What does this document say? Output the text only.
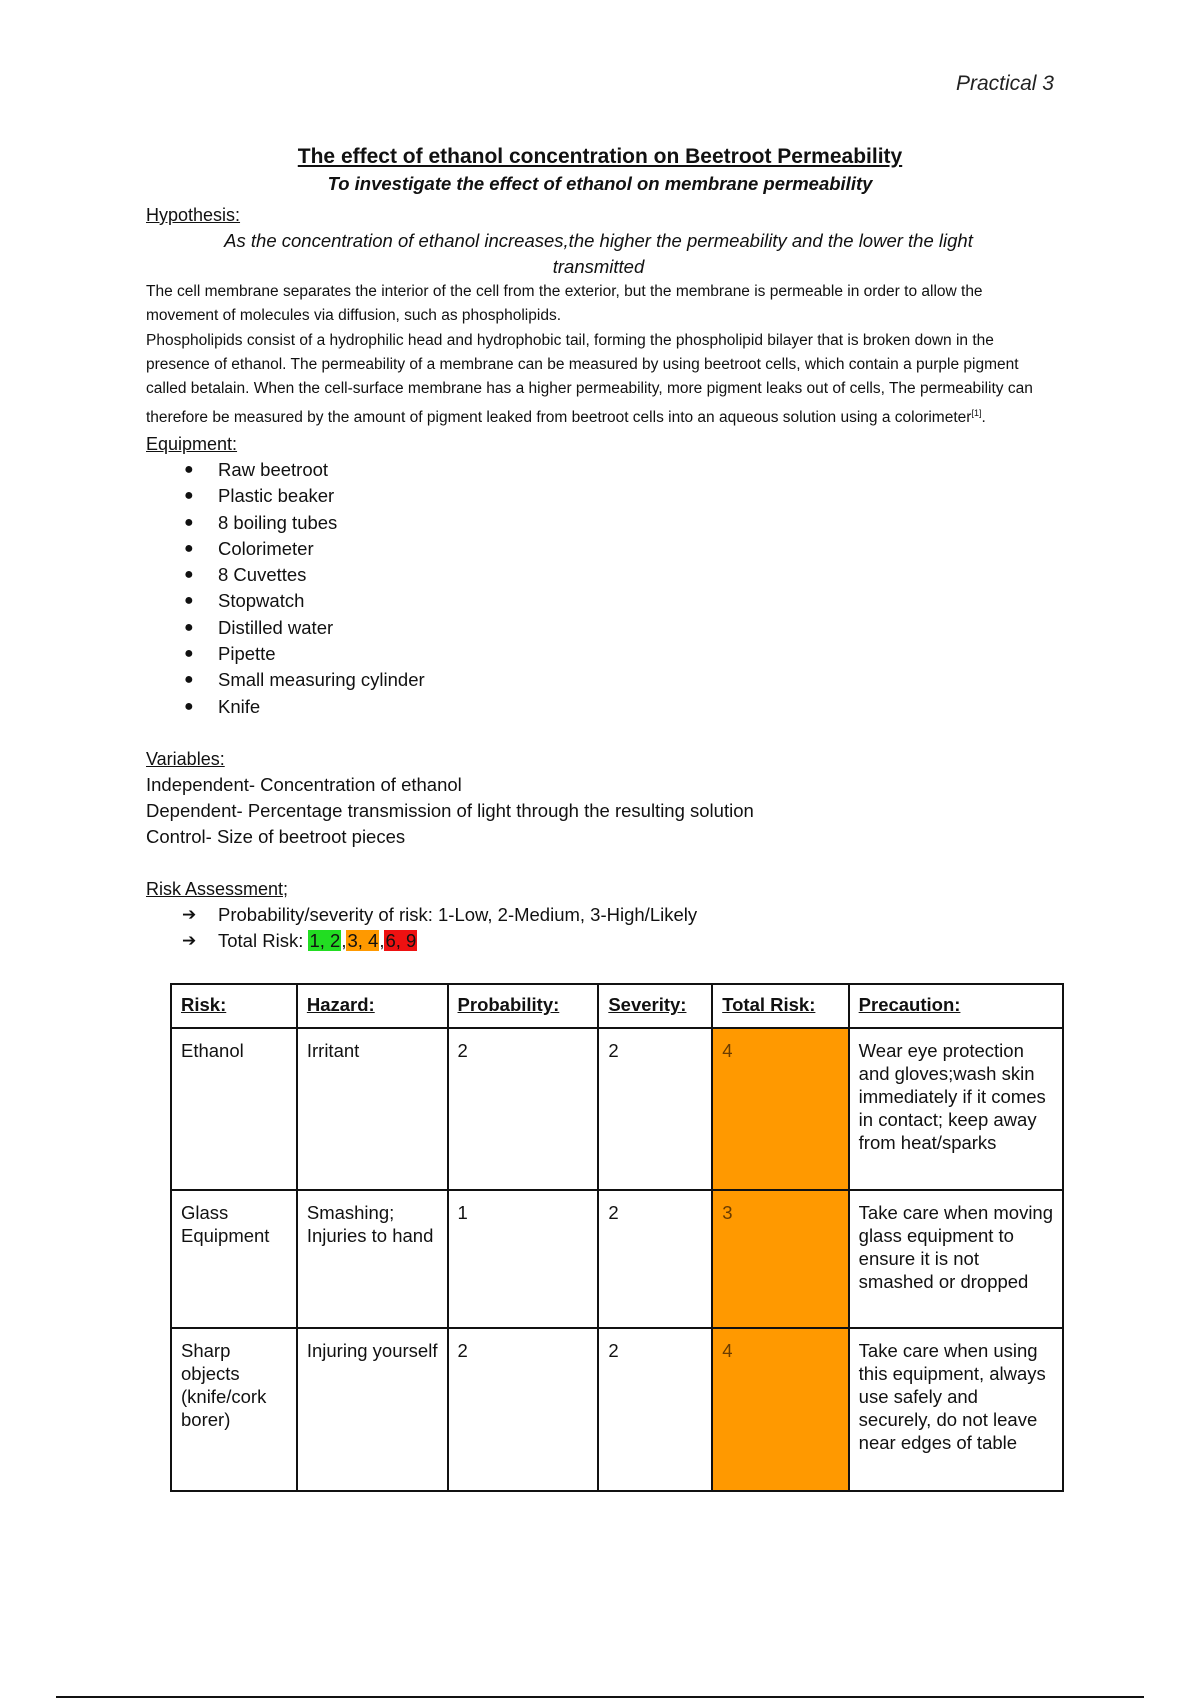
Practical 3
The effect of ethanol concentration on Beetroot Permeability
To investigate the effect of ethanol on membrane permeability
Hypothesis:

As the concentration of ethanol increases,the higher the permeability and the lower the light transmitted

The cell membrane separates the interior of the cell from the exterior, but the membrane is permeable in order to allow the movement of molecules via diffusion, such as phospholipids.

Phospholipids consist of a hydrophilic head and hydrophobic tail, forming the phospholipid bilayer that is broken down in the presence of ethanol. The permeability of a membrane can be measured by using beetroot cells, which contain a purple pigment called betalain. When the cell-surface membrane has a higher permeability, more pigment leaks out of cells, The permeability can therefore be measured by the amount of pigment leaked from beetroot cells into an aqueous solution using a colorimeter[1].

Equipment:
● Raw beetroot
● Plastic beaker
● 8 boiling tubes
● Colorimeter
● 8 Cuvettes
● Stopwatch
● Distilled water
● Pipette
● Small measuring cylinder
● Knife
Variables:
Independent- Concentration of ethanol
Dependent- Percentage transmission of light through the resulting solution
Control- Size of beetroot pieces
Risk Assessment;
➔ Probability/severity of risk: 1-Low, 2-Medium, 3-High/Likely
➔ Total Risk: 1, 2,3, 4,6, 9
Risk:	Hazard:	Probability:	Severity:	Total Risk:	Precaution:
Ethanol	Irritant	2	2	4	Wear eye protection and gloves;wash skin immediately if it comes in contact; keep away from heat/sparks
Glass Equipment	Smashing; Injuries to hand	1	2	3	Take care when moving glass equipment to ensure it is not smashed or dropped
Sharp objects (knife/cork borer)	Injuring yourself	2	2	4	Take care when using this equipment, always use safely and securely, do not leave near edges of table
